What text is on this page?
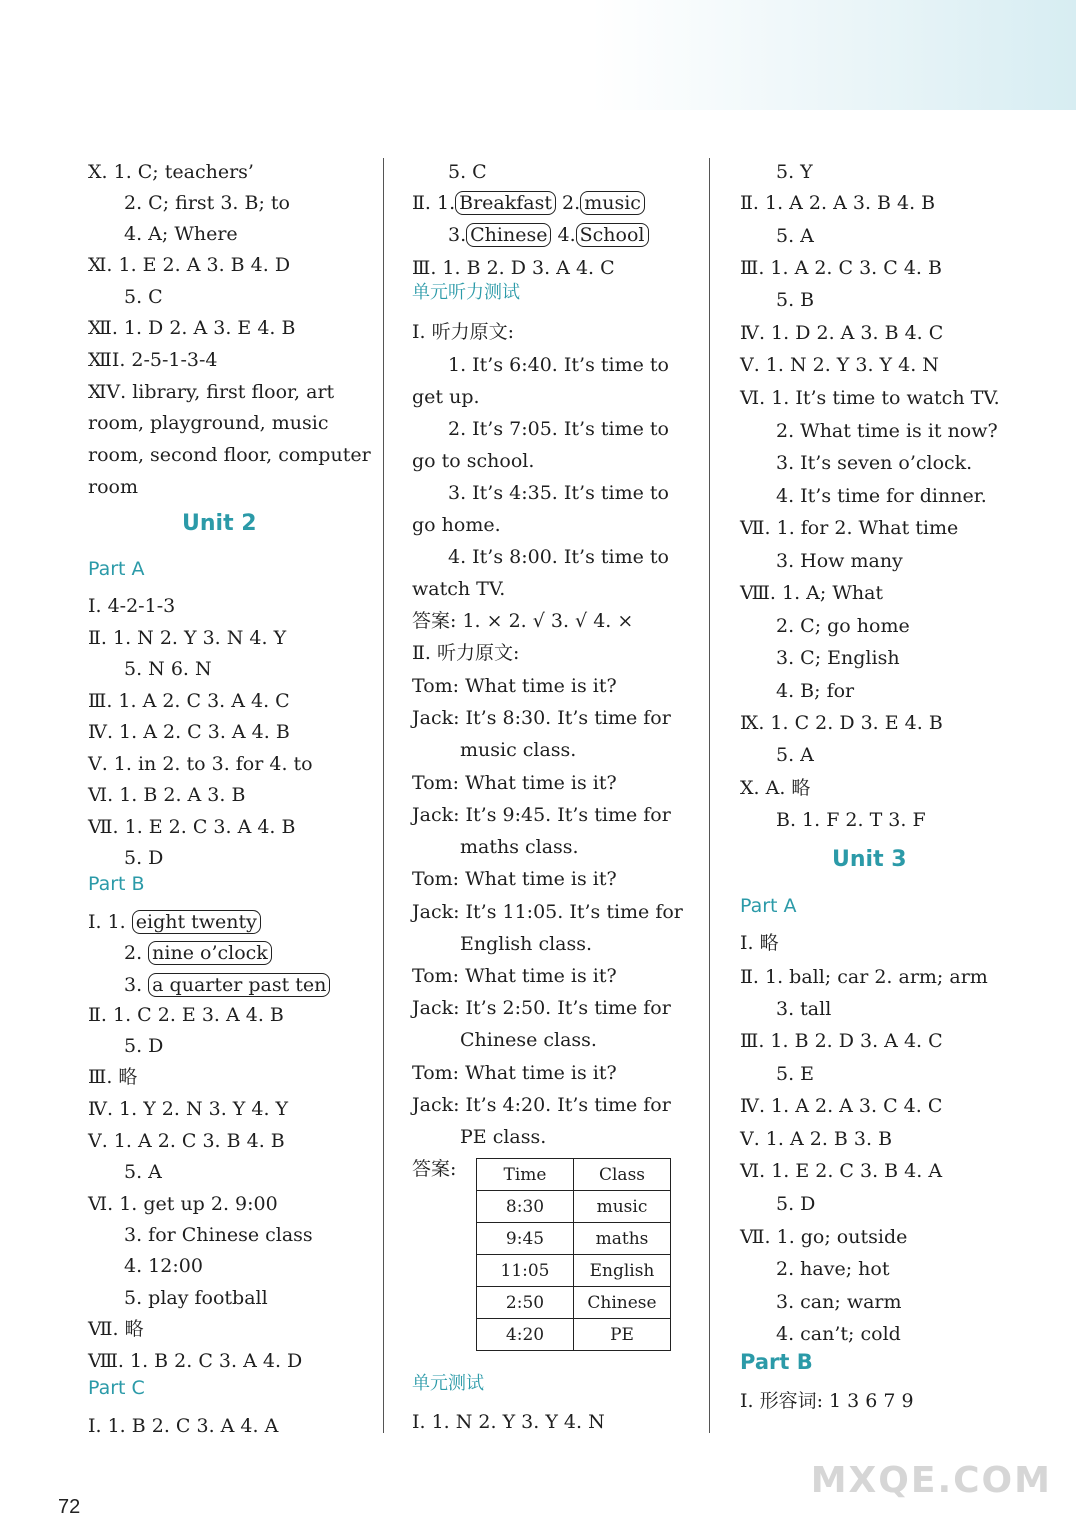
Unit 2
Ⅹ. 1. C; teachers’
2. C; first 3. B; to
4. A; Where
Ⅺ. 1. E 2. A 3. B 4. D
5. C
Ⅻ. 1. D 2. A 3. E 4. B
ⅫⅠ. 2-5-1-3-4
ⅪⅤ. library, first floor, art
room, playground, music
room, second floor, computer
room
Part A
Ⅰ. 4-2-1-3
Ⅱ. 1. N 2. Y 3. N 4. Y
5. N 6. N
Ⅲ. 1. A 2. C 3. A 4. C
Ⅳ. 1. A 2. C 3. A 4. B
Ⅴ. 1. in 2. to 3. for 4. to
Ⅵ. 1. B 2. A 3. B
Ⅶ. 1. E 2. C 3. A 4. B
5. D
Part B
Ⅱ. 1. C 2. E 3. A 4. B
5. D
Ⅲ. 略
Ⅳ. 1. Y 2. N 3. Y 4. Y
Ⅴ. 1. A 2. C 3. B 4. B
5. A
Ⅵ. 1. get up 2. 9:00
3. for Chinese class
4. 12:00
5. play football
Ⅶ. 略
Ⅷ. 1. B 2. C 3. A 4. D
Part C
Ⅰ. 1. B 2. C 3. A 4. A
Ⅰ. 1. eight twenty
2. nine o’clock
3. a quarter past ten
Time	Class
8:30	music
9:45	maths
11:05	English
2:50	Chinese
4:20	PE
5. C
Ⅲ. 1. B 2. D 3. A 4. C
单元听力测试
Ⅰ. 听力原文:
1. It’s 6:40. It’s time to
get up.
2. It’s 7:05. It’s time to
go to school.
3. It’s 4:35. It’s time to
go home.
4. It’s 8:00. It’s time to
watch TV.
答案: 1. × 2. √ 3. √ 4. ×
Ⅱ. 听力原文:
Tom: What time is it?
Jack: It’s 8:30. It’s time for
music class.
Tom: What time is it?
Jack: It’s 9:45. It’s time for
maths class.
Tom: What time is it?
Jack: It’s 11:05. It’s time for
English class.
Tom: What time is it?
Jack: It’s 2:50. It’s time for
Chinese class.
Tom: What time is it?
Jack: It’s 4:20. It’s time for
PE class.
答案:
单元测试
Ⅰ. 1. N 2. Y 3. Y 4. N
Ⅱ. 1. Breakfast 2. music
3. Chinese 4. School
Unit 3
5. Y
Ⅱ. 1. A 2. A 3. B 4. B
5. A
Ⅲ. 1. A 2. C 3. C 4. B
5. B
Ⅳ. 1. D 2. A 3. B 4. C
Ⅴ. 1. N 2. Y 3. Y 4. N
Ⅵ. 1. It’s time to watch TV.
2. What time is it now?
3. It’s seven o’clock.
4. It’s time for dinner.
Ⅶ. 1. for 2. What time
3. How many
Ⅷ. 1. A; What
2. C; go home
3. C; English
4. B; for
Ⅸ. 1. C 2. D 3. E 4. B
5. A
Ⅹ. A. 略
B. 1. F 2. T 3. F
Part A
Ⅰ. 略
Ⅱ. 1. ball; car 2. arm; arm
3. tall
Ⅲ. 1. B 2. D 3. A 4. C
5. E
Ⅳ. 1. A 2. A 3. C 4. C
Ⅴ. 1. A 2. B 3. B
Ⅵ. 1. E 2. C 3. B 4. A
5. D
Ⅶ. 1. go; outside
2. have; hot
3. can; warm
4. can’t; cold
Part B
Ⅰ. 形容词: 1 3 6 7 9
72
MXQE.COM
